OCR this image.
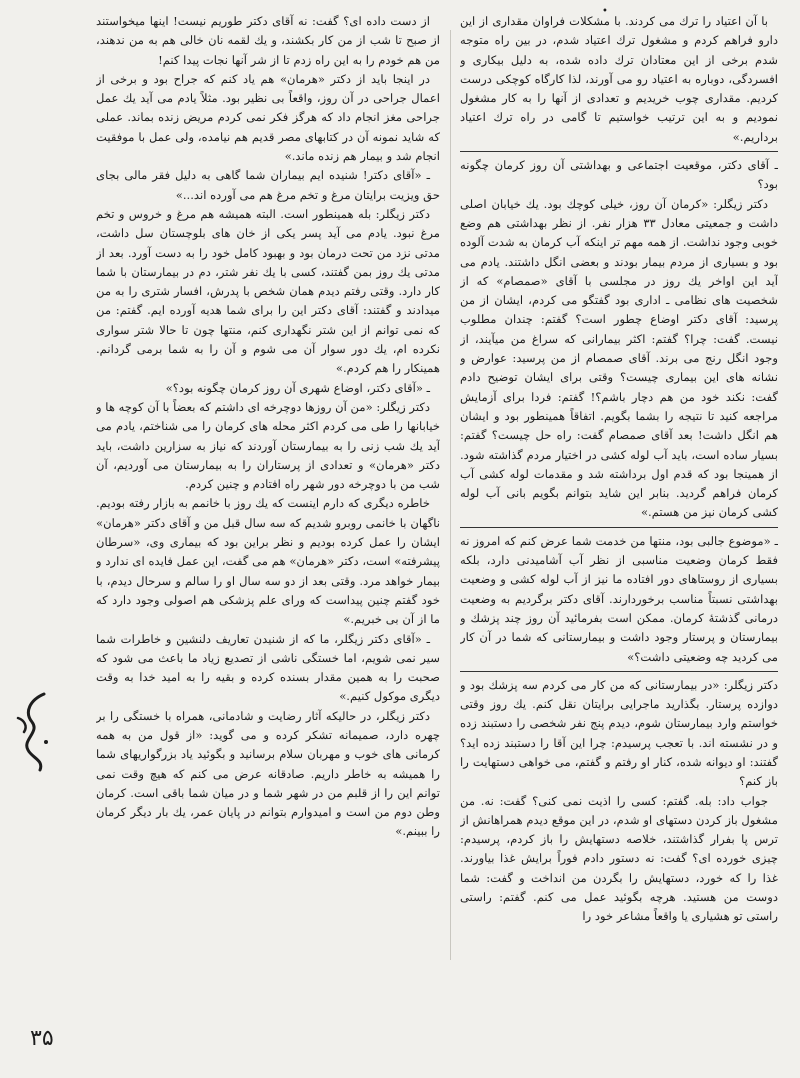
•

با آن اعتیاد را ترك می کردند. با مشکلات فراوان مقداری از این دارو فراهم کردم و مشغول ترك اعتیاد شدم، در بین راه متوجه شدم برخی از این معتادان ترك داده شده، به دلیل بیکاری و افسردگی، دوباره به اعتیاد رو می آورند، لذا کارگاه کوچکی درست کردیم. مقداری چوب خریدیم و تعدادی از آنها را به کار مشغول نمودیم و به این ترتیب خواستیم تا گامی در راه ترك اعتیاد برداریم.»

ـ آقای دکتر، موقعیت اجتماعی و بهداشتی آن روز کرمان چگونه بود؟

دکتر زیگلر: «کرمان آن روز، خیلی کوچك بود. یك خیابان اصلی داشت و جمعیتی معادل ۳۳ هزار نفر. از نظر بهداشتی هم وضع خوبی وجود نداشت. از همه مهم تر اینکه آب کرمان به شدت آلوده بود و بسیاری از مردم بیمار بودند و بعضی انگل داشتند. یادم می آید این اواخر یك روز در مجلسی با آقای «صمصام» که از شخصیت های نظامی ـ اداری بود گفتگو می کردم، ایشان از من پرسید: آقای دکتر اوضاع چطور است؟ گفتم: چندان مطلوب نیست. گفت: چرا؟ گفتم: اکثر بیمارانی که سراغ من میآیند، از وجود انگل رنج می برند. آقای صمصام از من پرسید: عوارض و نشانه های این بیماری چیست؟ وقتی برای ایشان توضیح دادم گفت: نکند خود من هم دچار باشم؟! گفتم: فردا برای آزمایش مراجعه کنید تا نتیجه را بشما بگویم. اتفاقاً همینطور بود و ایشان هم انگل داشت! بعد آقای صمصام گفت: راه حل چیست؟ گفتم: بسیار ساده است، باید آب لوله کشی در اختیار مردم گذاشته شود. از همینجا بود که قدم اول برداشته شد و مقدمات لوله کشی آب کرمان فراهم گردید. بنابر این شاید بتوانم بگویم بانی آب لوله کشی کرمان نیز من هستم.»

ـ «موضوع جالبی بود، منتها من خدمت شما عرض کنم که امروز نه فقط کرمان وضعیت مناسبی از نظر آب آشامیدنی دارد، بلکه بسیاری از روستاهای دور افتاده ما نیز از آب لوله کشی و وضعیت بهداشتی نسبتاً مناسب برخوردارند. آقای دکتر برگردیم به وضعیت درمانی گذشتهٔ کرمان. ممکن است بفرمائید آن روز چند پزشك و بیمارستان و پرستار وجود داشت و بیمارستانی که شما در آن کار می کردید چه وضعیتی داشت؟»

دکتر زیگلر: «در بیمارستانی که من کار می کردم سه پزشك بود و دوازده پرستار. بگذارید ماجرایی برایتان نقل کنم. یك روز وقتی خواستم وارد بیمارستان شوم، دیدم پنج نفر شخصی را دستبند زده و در نشسته اند. با تعجب پرسیدم: چرا این آقا را دستبند زده اید؟ گفتند: او دیوانه شده، کنار او رفتم و گفتم، می خواهی دستهایت را باز کنم؟

جواب داد: بله. گفتم: کسی را اذیت نمی کنی؟ گفت: نه. من مشغول باز کردن دستهای او شدم، در این موقع دیدم همراهانش از ترس پا بفرار گذاشتند، خلاصه دستهایش را باز کردم، پرسیدم: چیزی خورده ای؟ گفت: نه دستور دادم فوراً برایش غذا بیاورند. غذا را که خورد، دستهایش را بگردن من انداخت و گفت: شما دوست من هستید. هرچه بگوئید عمل می کنم. گفتم: راستی راستی تو هشیاری یا واقعاً مشاعر خود را

از دست داده ای؟ گفت: نه آقای دکتر طوریم نیست! اینها میخواستند از صبح تا شب از من کار بکشند، و یك لقمه نان خالی هم به من ندهند، من هم خودم را به این راه زدم تا از شر آنها نجات پیدا کنم!

در اینجا باید از دکتر «هرمان» هم یاد کنم که جراح بود و برخی از اعمال جراحی در آن روز، واقعاً بی نظیر بود. مثلاً یادم می آید یك عمل جراحی مغز انجام داد که هرگز فکر نمی کردم مریض زنده بماند. عملی که شاید نمونه آن در کتابهای مصر قدیم هم نیامده، ولی عمل با موفقیت انجام شد و بیمار هم زنده ماند.»

ـ «آقای دکتر! شنیده ایم بیماران شما گاهی به دلیل فقر مالی بجای حق ویزیت برایتان مرغ و تخم مرغ هم می آورده اند...»

دکتر زیگلر: بله همینطور است. البته همیشه هم مرغ و خروس و تخم مرغ نبود. یادم می آید پسر یکی از خان های بلوچستان سل داشت، مدتی نزد من تحت درمان بود و بهبود کامل خود را به دست آورد. بعد از مدتی یك روز بمن گفتند، کسی با یك نفر شتر، دم در بیمارستان با شما کار دارد. وقتی رفتم دیدم همان شخص با پدرش، افسار شتری را به من میدادند و گفتند: آقای دکتر این را برای شما هدیه آورده ایم. گفتم: من که نمی توانم از این شتر نگهداری کنم، منتها چون تا حالا شتر سواری نکرده ام، یك دور سوار آن می شوم و آن را به شما برمی گردانم. همینکار را هم کردم.»

ـ «آقای دکتر، اوضاع شهری آن روز کرمان چگونه بود؟»

دکتر زیگلر: «من آن روزها دوچرخه ای داشتم که بعضاً با آن کوچه ها و خیابانها را طی می کردم اکثر محله های کرمان را می شناختم، یادم می آید یك شب زنی را به بیمارستان آوردند که نیاز به سزارین داشت، باید دکتر «هرمان» و تعدادی از پرستاران را به بیمارستان می آوردیم، آن شب من با دوچرخه دور شهر راه افتادم و چنین کردم.

خاطره دیگری که دارم اینست که یك روز با خانمم به بازار رفته بودیم. ناگهان با خانمی روبرو شدیم که سه سال قبل من و آقای دکتر «هرمان» ایشان را عمل کرده بودیم و نظر براین بود که بیماری وی، «سرطان پیشرفته» است، دکتر «هرمان» هم می گفت، این عمل فایده ای ندارد و بیمار خواهد مرد. وقتی بعد از دو سه سال او را سالم و سرحال دیدم، با خود گفتم چنین پیداست که ورای علم پزشکی هم اصولی وجود دارد که ما از آن بی خبریم.»

ـ «آقای دکتر زیگلر، ما که از شنیدن تعاریف دلنشین و خاطرات شما سیر نمی شویم، اما خستگی ناشی از تصدیع زیاد ما باعث می شود که صحبت را به همین مقدار بسنده کرده و بقیه را به امید خدا به وقت دیگری موکول کنیم.»

دکتر زیگلر، در حالیکه آثار رضایت و شادمانی، همراه با خستگی را بر چهره دارد، صمیمانه تشکر کرده و می گوید: «از قول من به همه کرمانی های خوب و مهربان سلام برسانید و بگوئید یاد بزرگواریهای شما را همیشه به خاطر داریم. صادقانه عرض می کنم که هیچ وقت نمی توانم این را از قلبم من در شهر شما و در میان شما باقی است. کرمان وطن دوم من است و امیدوارم بتوانم در پایان عمر، یك بار دیگر کرمان را ببینم.»

۳۵
